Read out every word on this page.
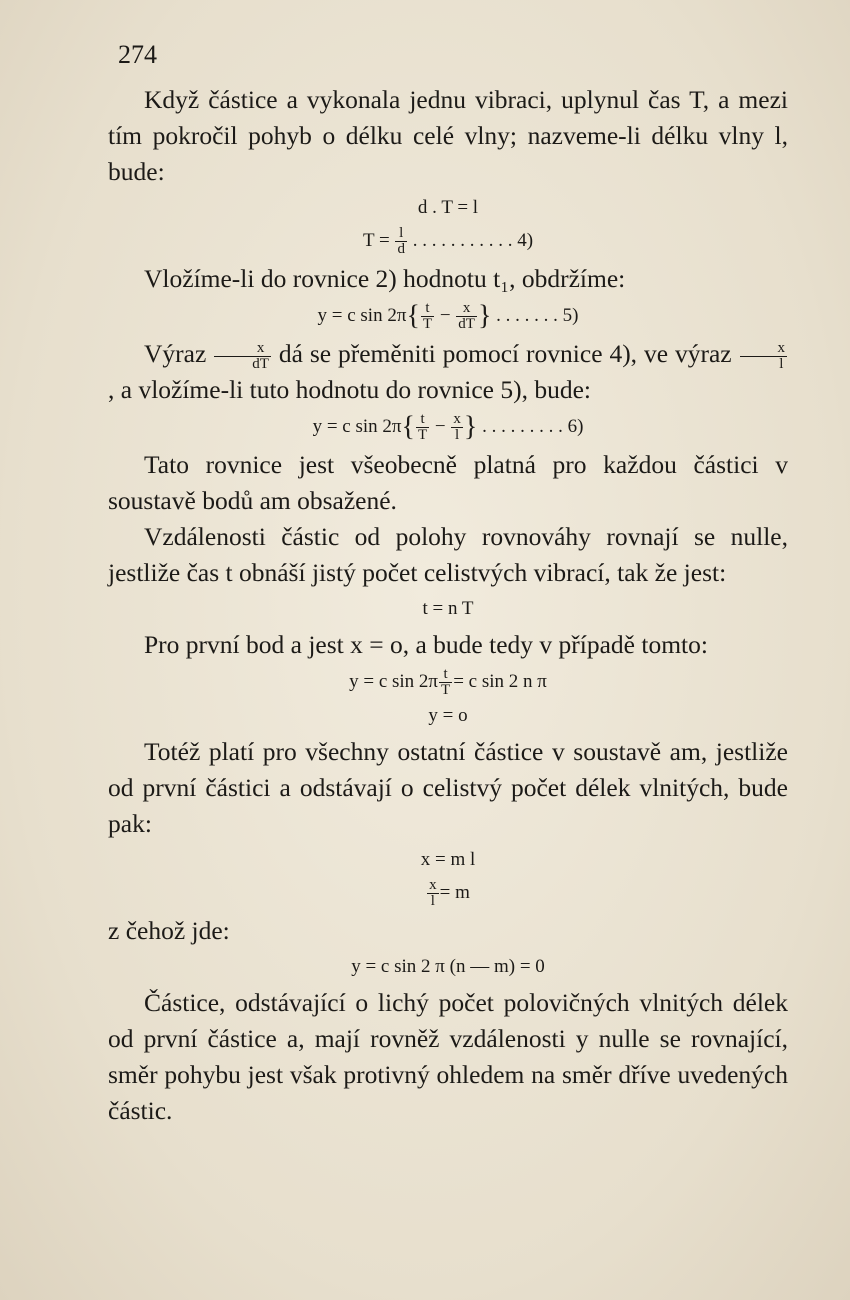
274

Když částice a vykonala jednu vibraci, uplynul čas T, a mezi tím pokročil pohyb o délku celé vlny; nazveme-li délku vlny l, bude:

d . T = l
$T = \frac{l}{d}$ . . . . . . . . . . . 4)

Vložíme-li do rovnice 2) hodnotu t₁, obdržíme:

y = c $\sin 2\pi\{ \frac{t}{T} - \frac{x}{dT}$ } . . . . . . . 5)

Výraz $\frac{x}{dT}$ dá se přeměniti pomocí rovnice 4), ve výraz $\frac{x}{l}$
, a vložíme-li tuto hodnotu do rovnice 5), bude:

y = c $\sin 2\pi\{ \frac{t}{T} - \frac{x}{l}$ } . . . . . . . . . 6)

Tato rovnice jest všeobecně platná pro každou částici v soustavě bodů am obsažené.

Vzdálenosti částic od polohy rovnováhy rovnají se nulle, jestliže čas t obnáší jistý počet celistvých vibrací, tak že jest:

t = n T

Pro první bod a jest x = o, a bude tedy v případě tomto:

y = c $\sin 2\pi \frac{t}{T} = c$ sin 2 n π
y = o

Totéž platí pro všechny ostatní částice v soustavě am, jestliže od první částici a odstávají o celistvý počet délek vlnitých, bude pak:

x = m l
$\frac{x}{l} = m$

z čehož jde:

y = c sin 2 π (n — m) = 0

Částice, odstávající o lichý počet polovičných vlnitých délek od první částice a, mají rovněž vzdálenosti y nulle se rovnající, směr pohybu jest však protivný ohledem na směr dříve uvedených částic.
